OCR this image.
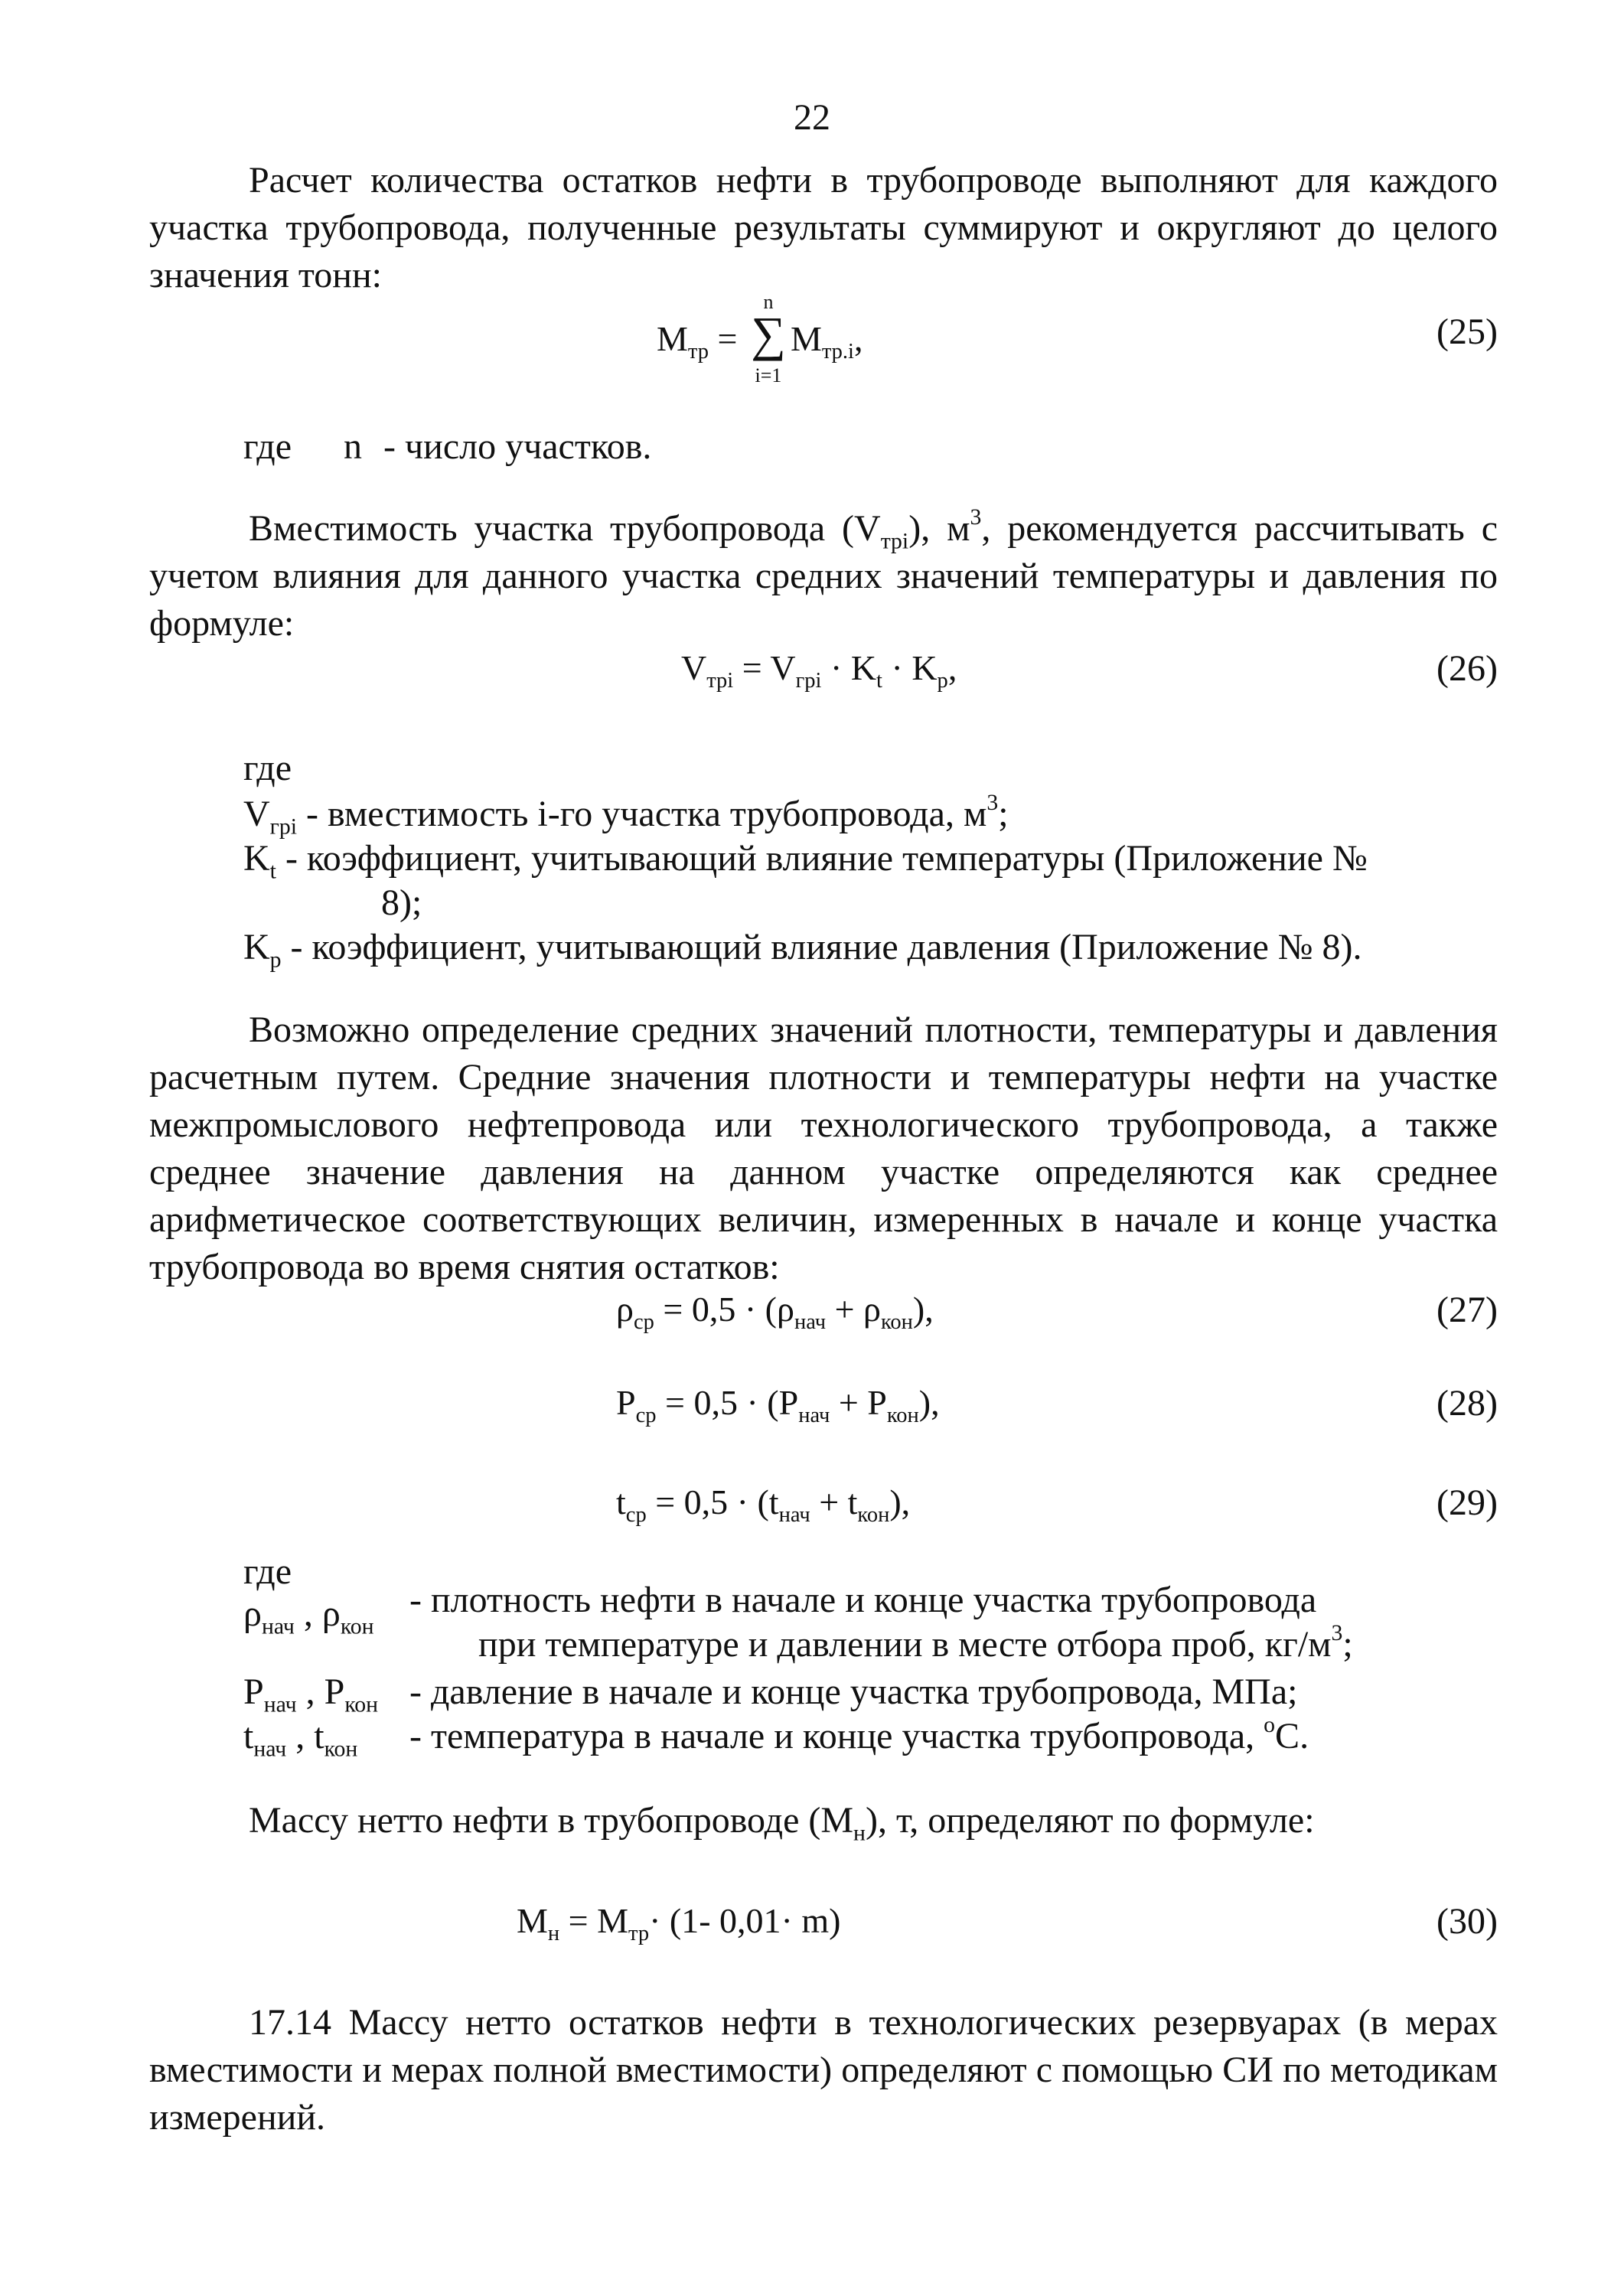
22
Расчет количества остатков нефти в трубопроводе выполняют для каждого участка трубопровода, полученные результаты суммируют и округляют до целого значения тонн:
$М_{тр}$ =
n
∑
i=1
$М_{тр.i}$,	(25)
где n - число участков.
Вместимость участка трубопровода $(V_{трi})$, $м^3$, рекомендуется рассчитывать с учетом влияния для данного участка средних значений температуры и давления по формуле:
$V_{трi} = V_{грi} \cdot K_t \cdot K_p$,	(26)
где
$V_{грi}$ - вместимость i-го участка трубопровода, $м^3$;
$K_t$ - коэффициент, учитывающий влияние температуры (Приложение №
8);
$K_p$ - коэффициент, учитывающий влияние давления (Приложение № 8).
Возможно определение средних значений плотности, температуры и давления расчетным путем. Средние значения плотности и температуры нефти на участке межпромыслового нефтепровода или технологического трубопровода, а также среднее значение давления на данном участке определяются как среднее арифметическое соответствующих величин, измеренных в начале и конце участка трубопровода во время снятия остатков:
$\rho_{ср} = 0,5 \cdot (\rho_{нач} + \rho_{кон})$,	(27)
$Р_{ср} = 0,5 \cdot (Р_{нач} + Р_{кон})$,	(28)
$t_{ср} = 0,5 \cdot (t_{нач} + t_{кон})$,	(29)
где
$\rho_{нач}$ , $\rho_{кон}$
- плотность нефти в начале и конце участка трубопровода
при температуре и давлении в месте отбора проб, $кг/м^3$;
$Р_{нач}$ , $Р_{кон}$ - давление в начале и конце участка трубопровода, МПа;
$t_{нач}$ , $t_{кон}$ - температура в начале и конце участка трубопровода, $^о$С.
Массу нетто нефти в трубопроводе $(М_н)$, т, определяют по формуле:
$М_н = М_{тр}\cdot (1-$ 0,01· m)	(30)
17.14 Массу нетто остатков нефти в технологических резервуарах (в мерах вместимости и мерах полной вместимости) определяют с помощью СИ по методикам измерений.
